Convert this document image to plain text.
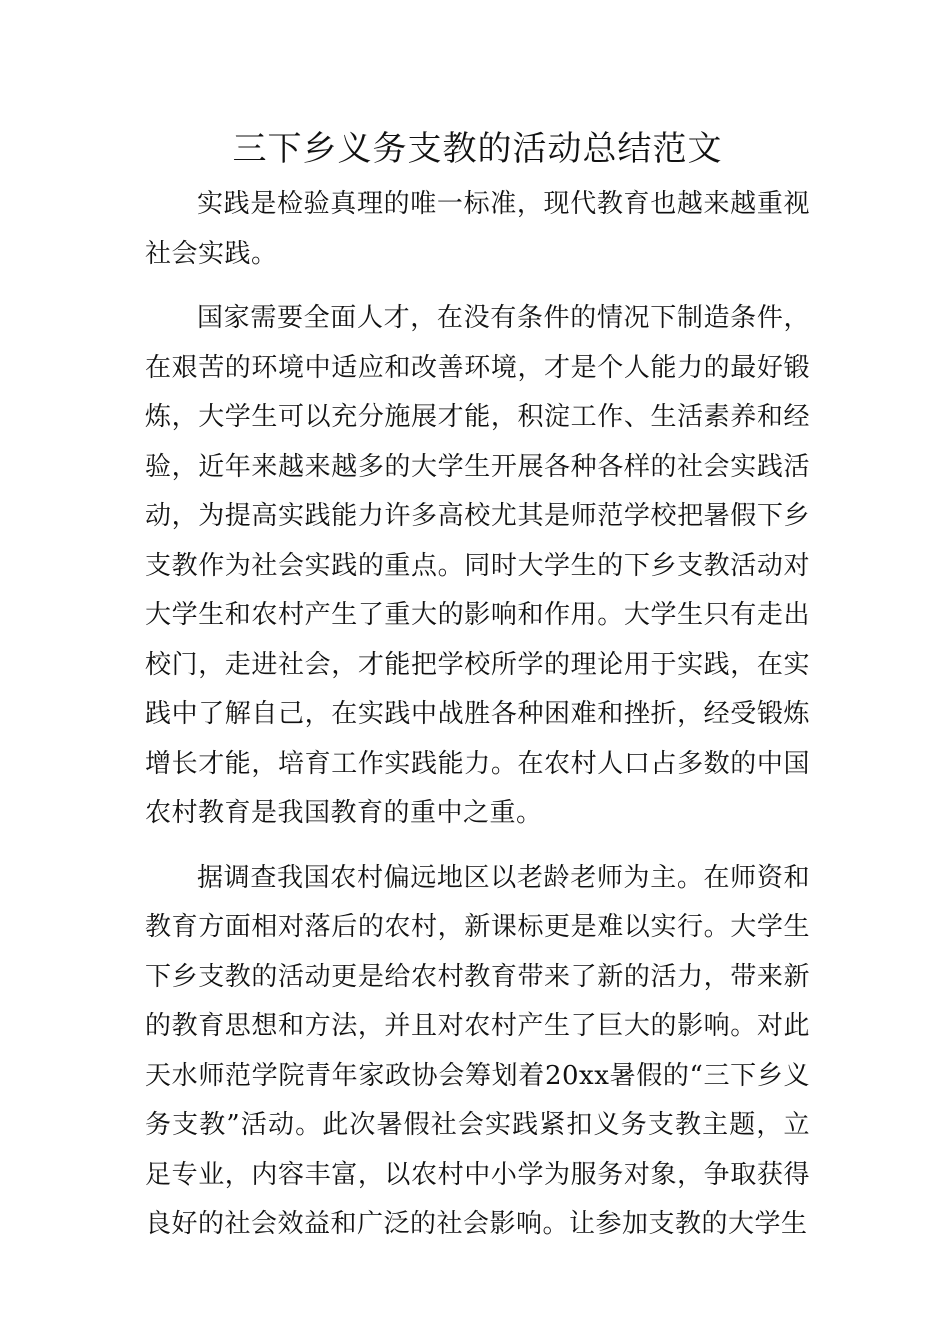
三下乡义务支教的活动总结范文

实践是检验真理的唯一标准，现代教育也越来越重视社会实践。

国家需要全面人才，在没有条件的情况下制造条件，在艰苦的环境中适应和改善环境，才是个人能力的最好锻炼，大学生可以充分施展才能，积淀工作、生活素养和经验，近年来越来越多的大学生开展各种各样的社会实践活动，为提高实践能力许多高校尤其是师范学校把暑假下乡支教作为社会实践的重点。同时大学生的下乡支教活动对大学生和农村产生了重大的影响和作用。大学生只有走出校门，走进社会，才能把学校所学的理论用于实践，在实践中了解自己，在实践中战胜各种困难和挫折，经受锻炼增长才能，培育工作实践能力。在农村人口占多数的中国农村教育是我国教育的重中之重。

据调查我国农村偏远地区以老龄老师为主。在师资和教育方面相对落后的农村，新课标更是难以实行。大学生下乡支教的活动更是给农村教育带来了新的活力，带来新的教育思想和方法，并且对农村产生了巨大的影响。对此天水师范学院青年家政协会筹划着20xx暑假的“三下乡义务支教”活动。此次暑假社会实践紧扣义务支教主题，立足专业，内容丰富，以农村中小学为服务对象，争取获得良好的社会效益和广泛的社会影响。让参加支教的大学生
